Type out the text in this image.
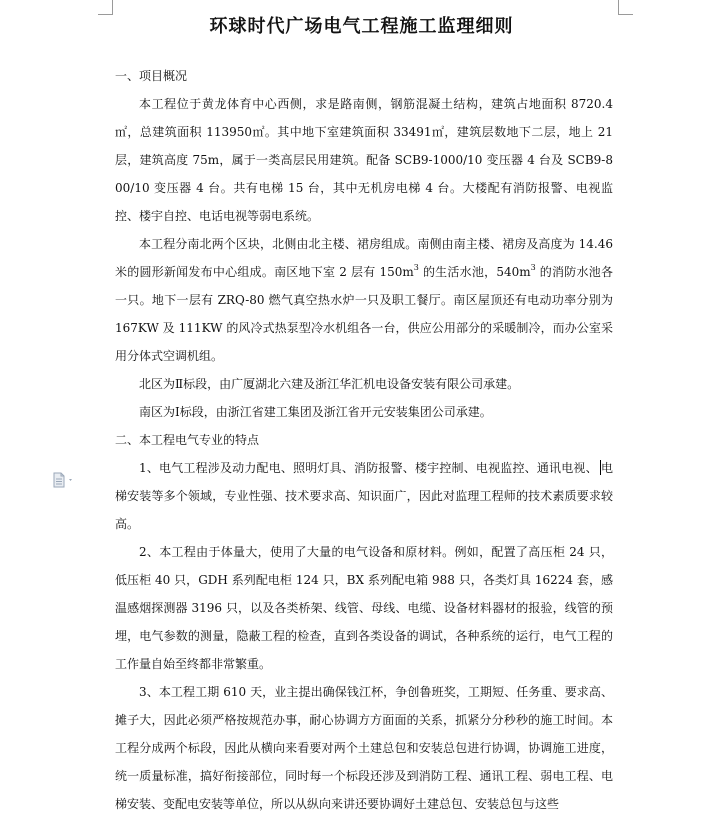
环球时代广场电气工程施工监理细则

一、项目概况

本工程位于黄龙体育中心西侧，求是路南侧，钢筋混凝土结构，建筑占地面积 8720.4㎡，总建筑面积 113950㎡。其中地下室建筑面积 33491㎡，建筑层数地下二层，地上 21层，建筑高度 75m，属于一类高层民用建筑。配备 SCB9-1000/10 变压器 4 台及 SCB9-800/10 变压器 4 台。共有电梯 15 台，其中无机房电梯 4 台。大楼配有消防报警、电视监控、楼宇自控、电话电视等弱电系统。

本工程分南北两个区块，北侧由北主楼、裙房组成。南侧由南主楼、裙房及高度为 14.46米的圆形新闻发布中心组成。南区地下室 2 层有 $150m^3$ 的生活水池，$540m^3$ 的消防水池各一只。地下一层有 ZRQ-80 燃气真空热水炉一只及职工餐厅。南区屋顶还有电动功率分别为 167KW 及 111KW 的风冷式热泵型冷水机组各一台，供应公用部分的采暖制冷，而办公室采用分体式空调机组。

北区为Ⅱ标段，由广厦湖北六建及浙江华汇机电设备安装有限公司承建。

南区为Ⅰ标段，由浙江省建工集团及浙江省开元安装集团公司承建。

二、本工程电气专业的特点

1、电气工程涉及动力配电、照明灯具、消防报警、楼宇控制、电视监控、通讯电视、 电梯安装等多个领域，专业性强、技术要求高、知识面广，因此对监理工程师的技术素质要求较高。

2、本工程由于体量大，使用了大量的电气设备和原材料。例如，配置了高压柜 24 只，低压柜 40 只，GDH 系列配电柜 124 只，BX 系列配电箱 988 只，各类灯具 16224 套，感温感烟探测器 3196 只，以及各类桥架、线管、母线、电缆、设备材料器材的报验，线管的预埋，电气参数的测量，隐蔽工程的检查，直到各类设备的调试，各种系统的运行，电气工程的工作量自始至终都非常繁重。

3、本工程工期 610 天，业主提出确保钱江杯，争创鲁班奖，工期短、任务重、要求高、摊子大，因此必须严格按规范办事，耐心协调方方面面的关系，抓紧分分秒秒的施工时间。本工程分成两个标段，因此从横向来看要对两个土建总包和安装总包进行协调，协调施工进度，统一质量标准，搞好衔接部位，同时每一个标段还涉及到消防工程、通讯工程、弱电工程、电梯安装、变配电安装等单位，所以从纵向来讲还要协调好土建总包、安装总包与这些
